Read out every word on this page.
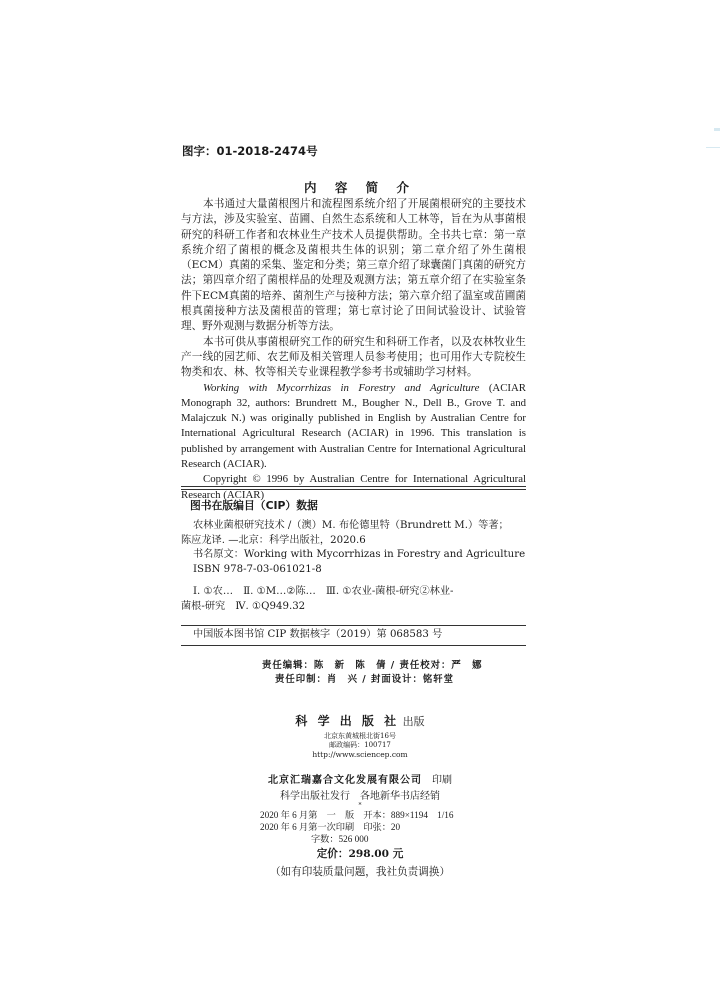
图字：01-2018-2474号
内 容 简 介

本书通过大量菌根图片和流程图系统介绍了开展菌根研究的主要技术与方法，涉及实验室、苗圃、自然生态系统和人工林等，旨在为从事菌根研究的科研工作者和农林业生产技术人员提供帮助。全书共七章：第一章系统介绍了菌根的概念及菌根共生体的识别；第二章介绍了外生菌根（ECM）真菌的采集、鉴定和分类；第三章介绍了球囊菌门真菌的研究方法；第四章介绍了菌根样品的处理及观测方法；第五章介绍了在实验室条件下ECM真菌的培养、菌剂生产与接种方法；第六章介绍了温室或苗圃菌根真菌接种方法及菌根苗的管理；第七章讨论了田间试验设计、试验管理、野外观测与数据分析等方法。

本书可供从事菌根研究工作的研究生和科研工作者，以及农林牧业生产一线的园艺师、农艺师及相关管理人员参考使用；也可用作大专院校生物类和农、林、牧等相关专业课程教学参考书或辅助学习材料。

Working with Mycorrhizas in Forestry and Agriculture (ACIAR Monograph 32, authors: Brundrett M., Bougher N., Dell B., Grove T. and Malajczuk N.) was originally published in English by Australian Centre for International Agricultural Research (ACIAR) in 1996. This translation is published by arrangement with Australian Centre for International Agricultural Research (ACIAR).

Copyright © 1996 by Australian Centre for International Agricultural Research (ACIAR)

图书在版编目（CIP）数据
农林业菌根研究技术 /（澳）M. 布伦德里特（Brundrett M.）等著；
陈应龙译. —北京：科学出版社，2020.6
书名原文：Working with Mycorrhizas in Forestry and Agriculture
ISBN 978-7-03-061021-8
Ⅰ. ①农…　Ⅱ. ①M…②陈…　Ⅲ. ①农业-菌根-研究②林业-
菌根-研究　Ⅳ. ①Q949.32
中国版本图书馆 CIP 数据核字（2019）第 068583 号
责任编辑：陈　新　陈　倩 / 责任校对：严　娜
责任印制：肖　兴 / 封面设计：铭轩堂
科 学 出 版 社 出版
北京东黄城根北街16号
邮政编码：100717
http://www.sciencep.com
北京汇瑞嘉合文化发展有限公司　印刷
科学出版社发行　各地新华书店经销
*
2020 年 6 月第　一　版　开本：889×1194　1/16
2020 年 6 月第一次印刷　印张：20
字数：526 000
定价：298.00 元
（如有印装质量问题，我社负责调换）
